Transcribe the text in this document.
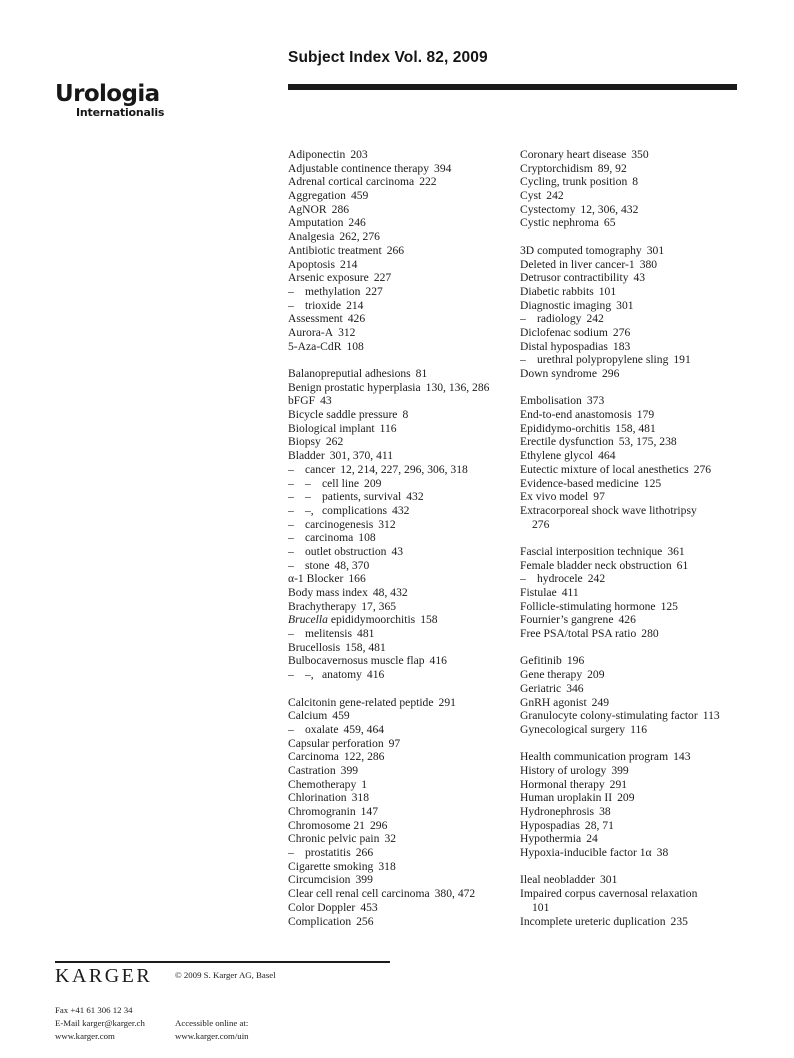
Subject Index Vol. 82, 2009
Urologia
Internationalis
Adiponectin 203
Adjustable continence therapy 394
Adrenal cortical carcinoma 222
Aggregation 459
AgNOR 286
Amputation 246
Analgesia 262, 276
Antibiotic treatment 266
Apoptosis 214
Arsenic exposure 227
– methylation 227
– trioxide 214
Assessment 426
Aurora-A 312
5-Aza-CdR 108

Balanopreputial adhesions 81
Benign prostatic hyperplasia 130, 136, 286
bFGF 43
Bicycle saddle pressure 8
Biological implant 116
Biopsy 262
Bladder 301, 370, 411
– cancer 12, 214, 227, 296, 306, 318
– – cell line 209
– – patients, survival 432
– –, complications 432
– carcinogenesis 312
– carcinoma 108
– outlet obstruction 43
– stone 48, 370
α-1 Blocker 166
Body mass index 48, 432
Brachytherapy 17, 365
Brucella epididymoorchitis 158
– melitensis 481
Brucellosis 158, 481
Bulbocavernosus muscle flap 416
– –, anatomy 416

Calcitonin gene-related peptide 291
Calcium 459
– oxalate 459, 464
Capsular perforation 97
Carcinoma 122, 286
Castration 399
Chemotherapy 1
Chlorination 318
Chromogranin 147
Chromosome 21 296
Chronic pelvic pain 32
– prostatitis 266
Cigarette smoking 318
Circumcision 399
Clear cell renal cell carcinoma 380, 472
Color Doppler 453
Complication 256
Coronary heart disease 350
Cryptorchidism 89, 92
Cycling, trunk position 8
Cyst 242
Cystectomy 12, 306, 432
Cystic nephroma 65

3D computed tomography 301
Deleted in liver cancer-1 380
Detrusor contractibility 43
Diabetic rabbits 101
Diagnostic imaging 301
– radiology 242
Diclofenac sodium 276
Distal hypospadias 183
– urethral polypropylene sling 191
Down syndrome 296

Embolisation 373
End-to-end anastomosis 179
Epididymo-orchitis 158, 481
Erectile dysfunction 53, 175, 238
Ethylene glycol 464
Eutectic mixture of local anesthetics 276
Evidence-based medicine 125
Ex vivo model 97
Extracorporeal shock wave lithotripsy
276

Fascial interposition technique 361
Female bladder neck obstruction 61
– hydrocele 242
Fistulae 411
Follicle-stimulating hormone 125
Fournier’s gangrene 426
Free PSA/total PSA ratio 280

Gefitinib 196
Gene therapy 209
Geriatric 346
GnRH agonist 249
Granulocyte colony-stimulating factor 113
Gynecological surgery 116

Health communication program 143
History of urology 399
Hormonal therapy 291
Human uroplakin II 209
Hydronephrosis 38
Hypospadias 28, 71
Hypothermia 24
Hypoxia-inducible factor 1α 38

Ileal neobladder 301
Impaired corpus cavernosal relaxation
101
Incomplete ureteric duplication 235
KARGER	© 2009 S. Karger AG, Basel
Fax +41 61 306 12 34
E-Mail karger@karger.ch
www.karger.com
Accessible online at:
www.karger.com/uin
